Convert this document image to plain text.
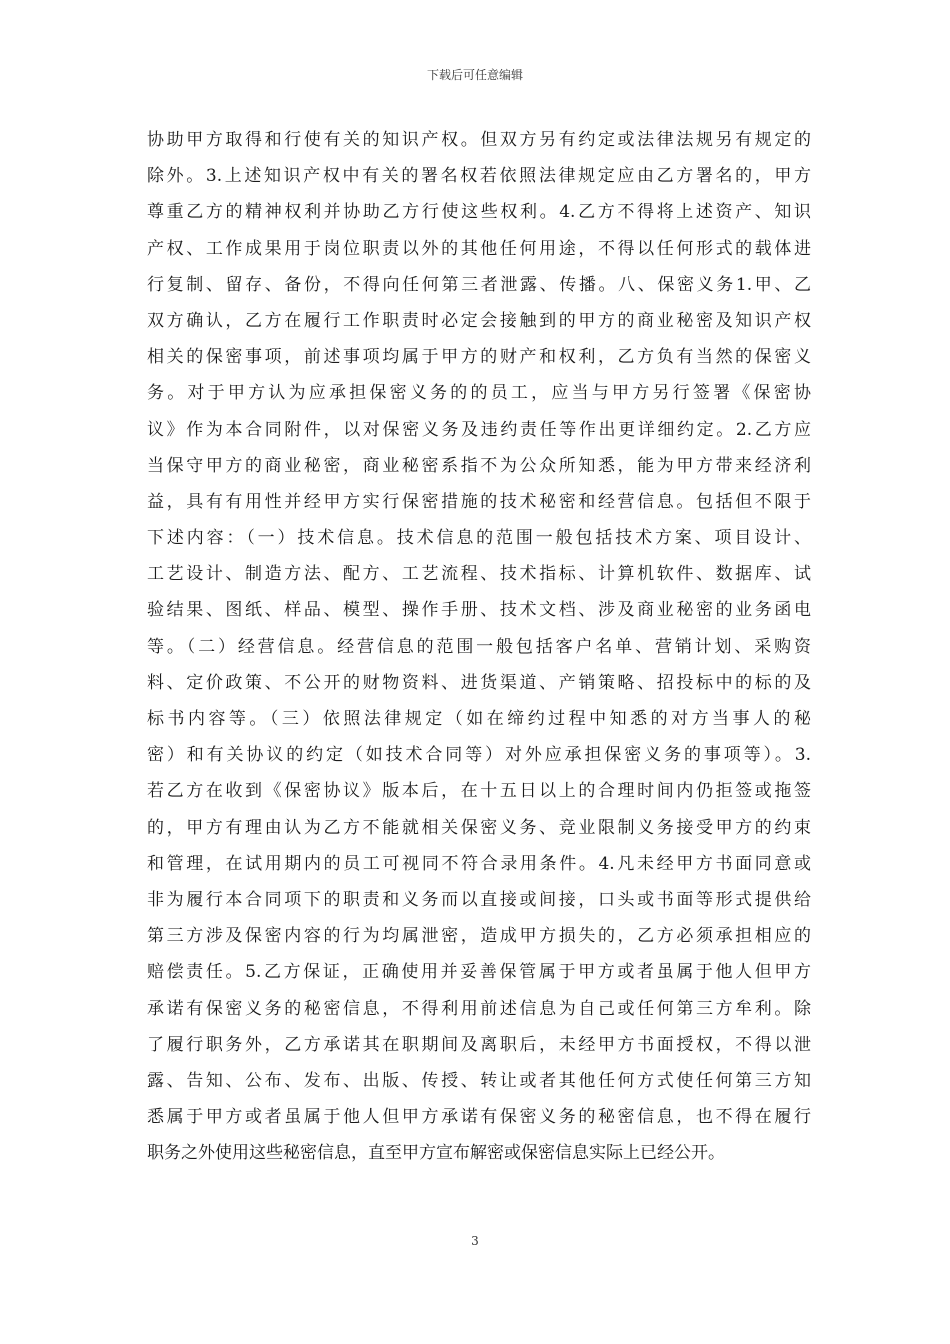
下载后可任意编辑
协助甲方取得和行使有关的知识产权。但双方另有约定或法律法规另有规定的
除外。3.上述知识产权中有关的署名权若依照法律规定应由乙方署名的，甲方
尊重乙方的精神权利并协助乙方行使这些权利。4.乙方不得将上述资产、知识
产权、工作成果用于岗位职责以外的其他任何用途，不得以任何形式的载体进
行复制、留存、备份，不得向任何第三者泄露、传播。八、保密义务1.甲、乙
双方确认，乙方在履行工作职责时必定会接触到的甲方的商业秘密及知识产权
相关的保密事项，前述事项均属于甲方的财产和权利，乙方负有当然的保密义
务。对于甲方认为应承担保密义务的的员工，应当与甲方另行签署《保密协
议》作为本合同附件，以对保密义务及违约责任等作出更详细约定。2.乙方应
当保守甲方的商业秘密，商业秘密系指不为公众所知悉，能为甲方带来经济利
益，具有有用性并经甲方实行保密措施的技术秘密和经营信息。包括但不限于
下述内容：（一）技术信息。技术信息的范围一般包括技术方案、项目设计、
工艺设计、制造方法、配方、工艺流程、技术指标、计算机软件、数据库、试
验结果、图纸、样品、模型、操作手册、技术文档、涉及商业秘密的业务函电
等。（二）经营信息。经营信息的范围一般包括客户名单、营销计划、采购资
料、定价政策、不公开的财物资料、进货渠道、产销策略、招投标中的标的及
标书内容等。（三）依照法律规定（如在缔约过程中知悉的对方当事人的秘
密）和有关协议的约定（如技术合同等）对外应承担保密义务的事项等）。3.
若乙方在收到《保密协议》版本后，在十五日以上的合理时间内仍拒签或拖签
的，甲方有理由认为乙方不能就相关保密义务、竞业限制义务接受甲方的约束
和管理，在试用期内的员工可视同不符合录用条件。4.凡未经甲方书面同意或
非为履行本合同项下的职责和义务而以直接或间接，口头或书面等形式提供给
第三方涉及保密内容的行为均属泄密，造成甲方损失的，乙方必须承担相应的
赔偿责任。5.乙方保证，正确使用并妥善保管属于甲方或者虽属于他人但甲方
承诺有保密义务的秘密信息，不得利用前述信息为自己或任何第三方牟利。除
了履行职务外，乙方承诺其在职期间及离职后，未经甲方书面授权，不得以泄
露、告知、公布、发布、出版、传授、转让或者其他任何方式使任何第三方知
悉属于甲方或者虽属于他人但甲方承诺有保密义务的秘密信息，也不得在履行
职务之外使用这些秘密信息，直至甲方宣布解密或保密信息实际上已经公开。
3
